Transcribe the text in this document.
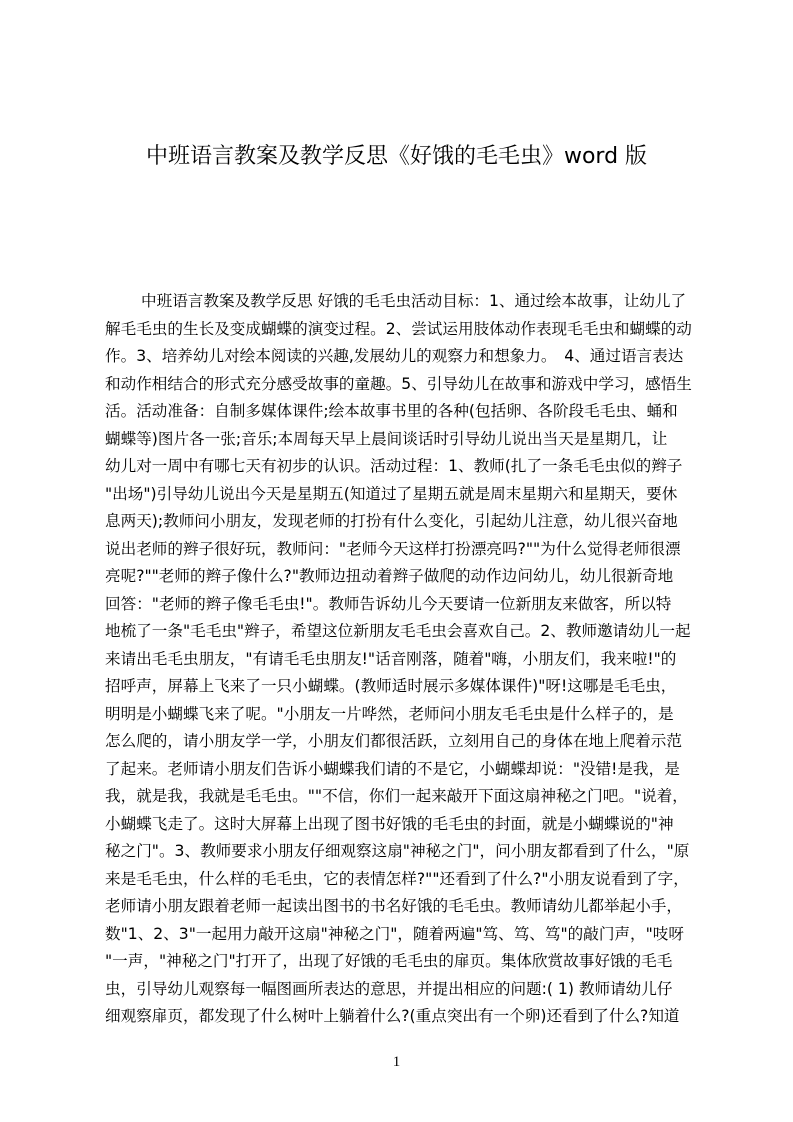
中班语言教案及教学反思《好饿的毛毛虫》word 版
中班语言教案及教学反思 好饿的毛毛虫活动目标：1、通过绘本故事，让幼儿了
解毛毛虫的生长及变成蝴蝶的演变过程。2、尝试运用肢体动作表现毛毛虫和蝴蝶的动
作。3、培养幼儿对绘本阅读的兴趣,发展幼儿的观察力和想象力。　4、通过语言表达
和动作相结合的形式充分感受故事的童趣。5、引导幼儿在故事和游戏中学习，感悟生
活。活动准备：自制多媒体课件;绘本故事书里的各种(包括卵、各阶段毛毛虫、蛹和
蝴蝶等)图片各一张;音乐;本周每天早上晨间谈话时引导幼儿说出当天是星期几，让
幼儿对一周中有哪七天有初步的认识。活动过程：1、教师(扎了一条毛毛虫似的辫子
"出场")引导幼儿说出今天是星期五(知道过了星期五就是周末星期六和星期天，要休
息两天);教师问小朋友，发现老师的打扮有什么变化，引起幼儿注意，幼儿很兴奋地
说出老师的辫子很好玩，教师问："老师今天这样打扮漂亮吗?""为什么觉得老师很漂
亮呢?""老师的辫子像什么?"教师边扭动着辫子做爬的动作边问幼儿，幼儿很新奇地
回答："老师的辫子像毛毛虫!"。教师告诉幼儿今天要请一位新朋友来做客，所以特
地梳了一条"毛毛虫"辫子，希望这位新朋友毛毛虫会喜欢自己。2、教师邀请幼儿一起
来请出毛毛虫朋友，"有请毛毛虫朋友!"话音刚落，随着"嗨，小朋友们，我来啦!"的
招呼声，屏幕上飞来了一只小蝴蝶。(教师适时展示多媒体课件)"呀!这哪是毛毛虫，
明明是小蝴蝶飞来了呢。"小朋友一片哗然，老师问小朋友毛毛虫是什么样子的，是
怎么爬的，请小朋友学一学，小朋友们都很活跃，立刻用自己的身体在地上爬着示范
了起来。老师请小朋友们告诉小蝴蝶我们请的不是它，小蝴蝶却说："没错!是我，是
我，就是我，我就是毛毛虫。""不信，你们一起来敲开下面这扇神秘之门吧。"说着，
小蝴蝶飞走了。这时大屏幕上出现了图书好饿的毛毛虫的封面，就是小蝴蝶说的"神
秘之门"。3、教师要求小朋友仔细观察这扇"神秘之门"，问小朋友都看到了什么，"原
来是毛毛虫，什么样的毛毛虫，它的表情怎样?""还看到了什么?"小朋友说看到了字，
老师请小朋友跟着老师一起读出图书的书名好饿的毛毛虫。教师请幼儿都举起小手，
数"1、2、3"一起用力敲开这扇"神秘之门"，随着两遍"笃、笃、笃"的敲门声，"吱呀
"一声，"神秘之门"打开了，出现了好饿的毛毛虫的扉页。集体欣赏故事好饿的毛毛
虫，引导幼儿观察每一幅图画所表达的意思，并提出相应的问题:( 1) 教师请幼儿仔
细观察扉页，都发现了什么树叶上躺着什么?(重点突出有一个卵)还看到了什么?知道
1
